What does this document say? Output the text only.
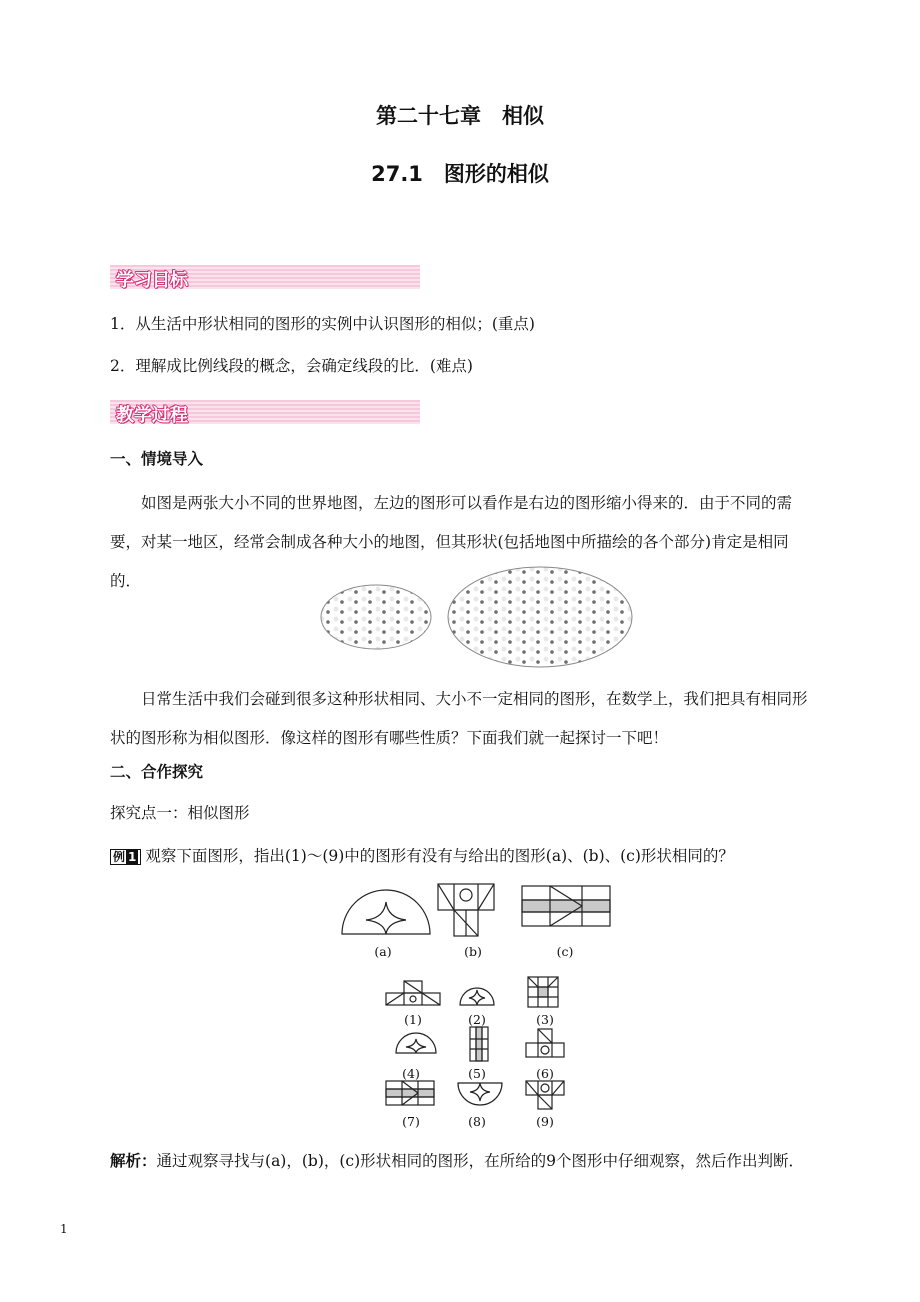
第二十七章　相似
27.1　图形的相似
学习目标
1．从生活中形状相同的图形的实例中认识图形的相似；(重点)
2．理解成比例线段的概念，会确定线段的比．(难点)
教学过程
一、情境导入
如图是两张大小不同的世界地图，左边的图形可以看作是右边的图形缩小得来的．由于不同的需要，对某一地区，经常会制成各种大小的地图，但其形状(包括地图中所描绘的各个部分)肯定是相同的．
日常生活中我们会碰到很多这种形状相同、大小不一定相同的图形，在数学上，我们把具有相同形状的图形称为相似图形．像这样的图形有哪些性质？下面我们就一起探讨一下吧！
二、合作探究
探究点一：相似图形
例 1 观察下面图形，指出(1)～(9)中的图形有没有与给出的图形(a)、(b)、(c)形状相同的？
(a)	(b)	(c)
(1)	(2)	(3)
(4)	(5)	(6)
(7)	(8)	(9)
解析：通过观察寻找与(a)，(b)，(c)形状相同的图形，在所给的9个图形中仔细观察，然后作出判断．
1
